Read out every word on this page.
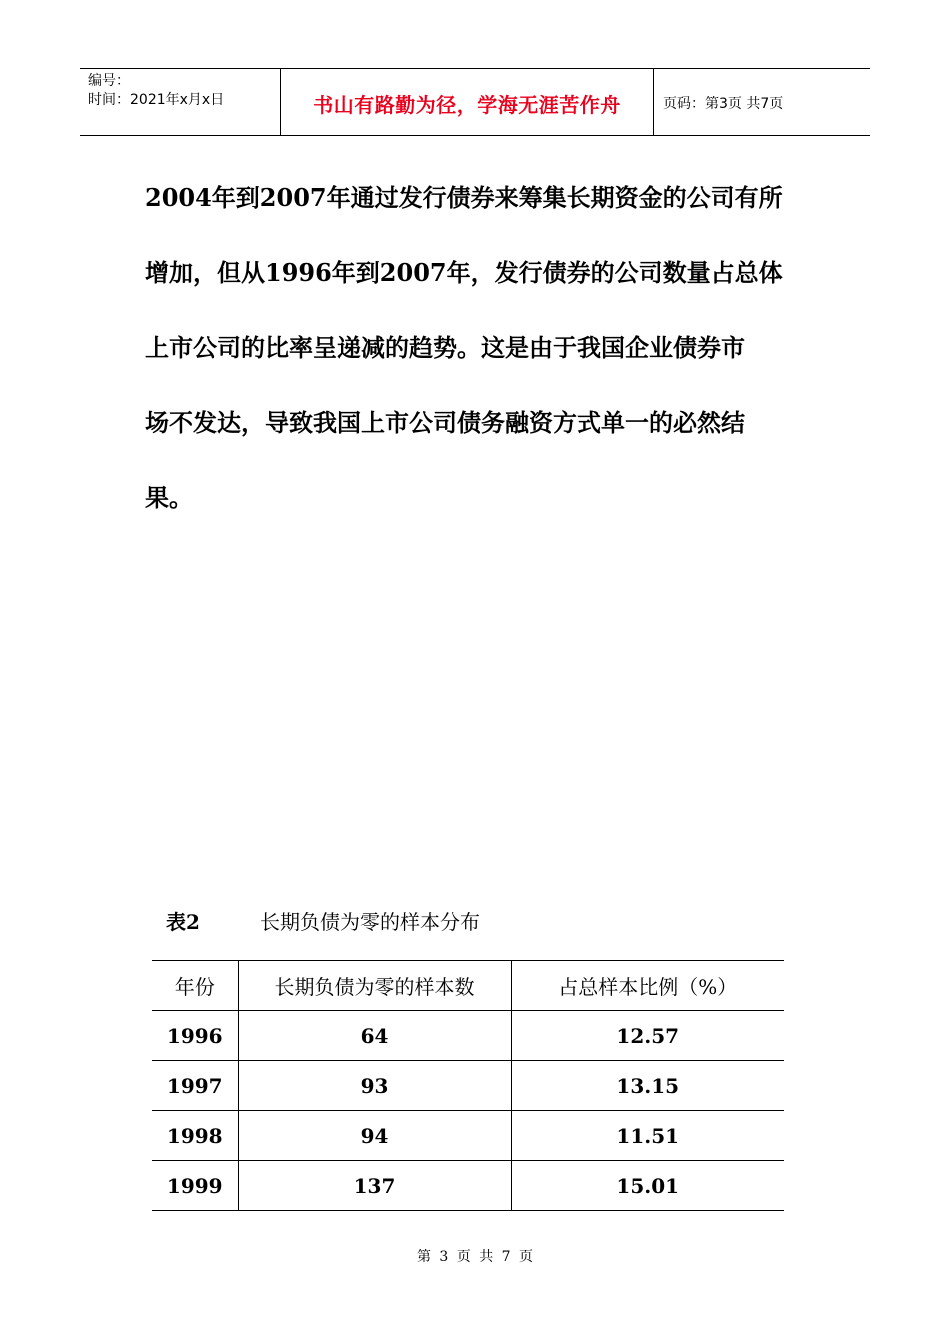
编号：
时间：2021年x月x日	书山有路勤为径，学海无涯苦作舟	页码：第3页 共7页
2004年到2007年通过发行债券来筹集长期资金的公司有所
增加，但从1996年到2007年，发行债券的公司数量占总体
上市公司的比率呈递减的趋势。这是由于我国企业债券市
场不发达，导致我国上市公司债务融资方式单一的必然结
果。
表2	长期负债为零的样本分布
年份	长期负债为零的样本数	占总样本比例（%）
1996	64	12.57
1997	93	13.15
1998	94	11.51
1999	137	15.01
第 3 页 共 7 页
